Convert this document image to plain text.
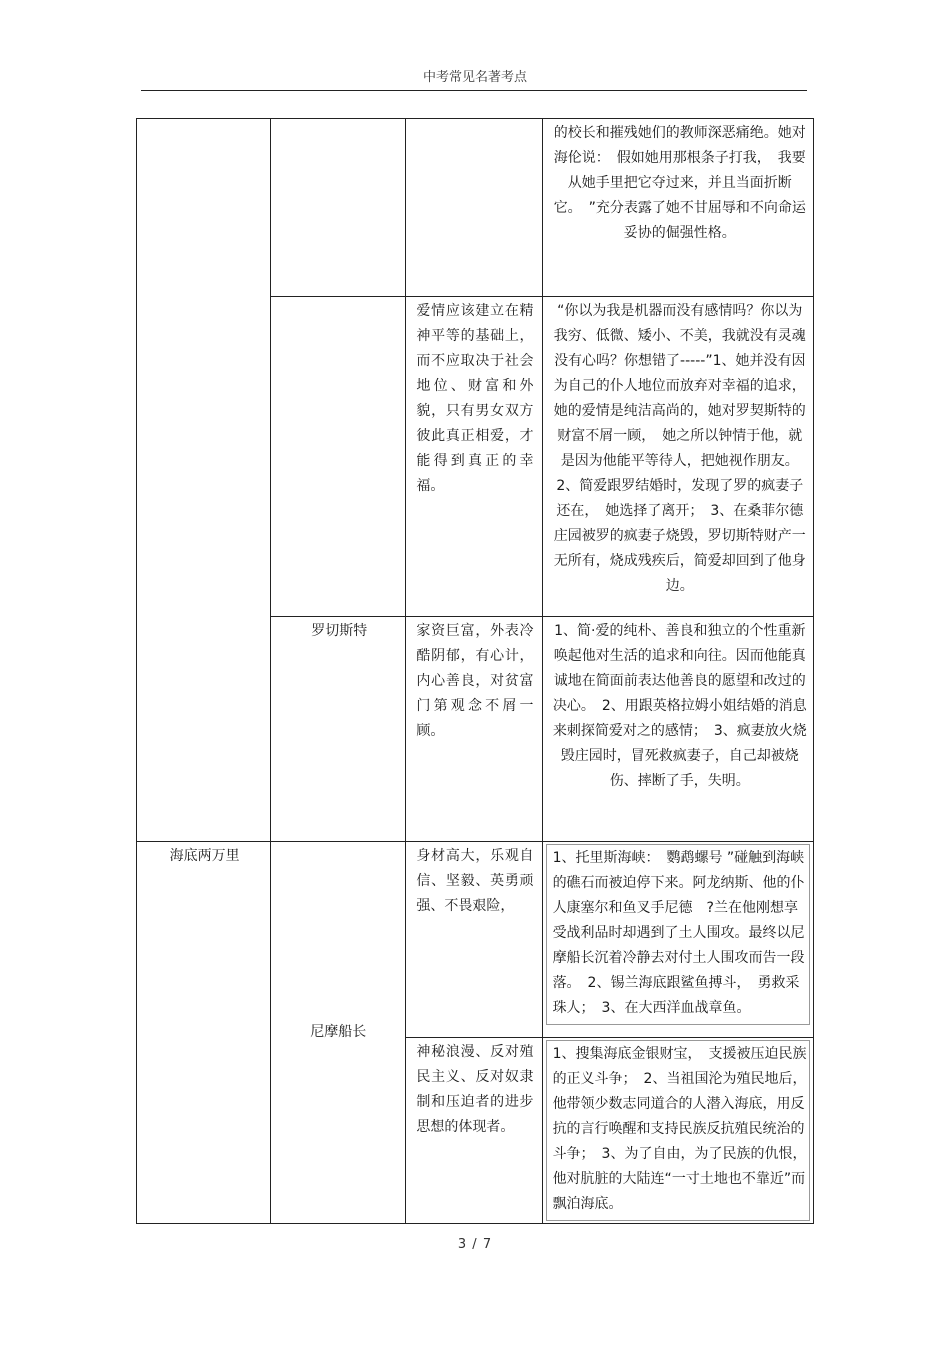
中考常见名著考点

			的校长和摧残她们的教师深恶痛绝。她对海伦说：　假如她用那根条子打我，　我要从她手里把它夺过来，并且当面折断它。　”充分表露了她不甘屈辱和不向命运妥协的倔强性格。

		爱情应该建立在精神平等的基础上，而不应取决于社会地位、财富和外貌，只有男女双方彼此真正相爱，才能得到真正的幸福。	“你以为我是机器而没有感情吗？你以为我穷、低微、矮小、不美，我就没有灵魂没有心吗？你想错了-----”1、她并没有因为自己的仆人地位而放弃对幸福的追求，她的爱情是纯洁高尚的，她对罗契斯特的财富不屑一顾，　她之所以钟情于他，就是因为他能平等待人，把她视作朋友。 2、简爱跟罗结婚时，发现了罗的疯妻子还在，　她选择了离开；　3、在桑菲尔德庄园被罗的疯妻子烧毁，罗切斯特财产一无所有，烧成残疾后，简爱却回到了他身边。

	罗切斯特	家资巨富，外表冷酷阴郁，有心计，内心善良，对贫富门第观念不屑一顾。	1、简·爱的纯朴、善良和独立的个性重新唤起他对生活的追求和向往。因而他能真诚地在简面前表达他善良的愿望和改过的决心。　2、用跟英格拉姆小姐结婚的消息来刺探简爱对之的感情；　3、疯妻放火烧毁庄园时，冒死救疯妻子，自己却被烧伤、摔断了手，失明。

海底两万里	尼摩船长	身材高大，乐观自信、坚毅、英勇顽强、不畏艰险，	1、托里斯海峡：　鹦鹉螺号 ”碰触到海峡的礁石而被迫停下来。阿龙纳斯、他的仆人康塞尔和鱼叉手尼德　?兰在他刚想享受战利品时却遇到了土人围攻。最终以尼摩船长沉着冷静去对付土人围攻而告一段落。　2、锡兰海底跟鲨鱼搏斗，　勇救采珠人；　3、在大西洋血战章鱼。

		神秘浪漫、反对殖民主义、反对奴隶制和压迫者的进步思想的体现者。	1、搜集海底金银财宝，　支援被压迫民族的正义斗争；　2、当祖国沦为殖民地后，他带领少数志同道合的人潜入海底，用反抗的言行唤醒和支持民族反抗殖民统治的斗争；　3、为了自由，为了民族的仇恨，他对肮脏的大陆连“一寸土地也不靠近”而飘泊海底。

3 / 7
